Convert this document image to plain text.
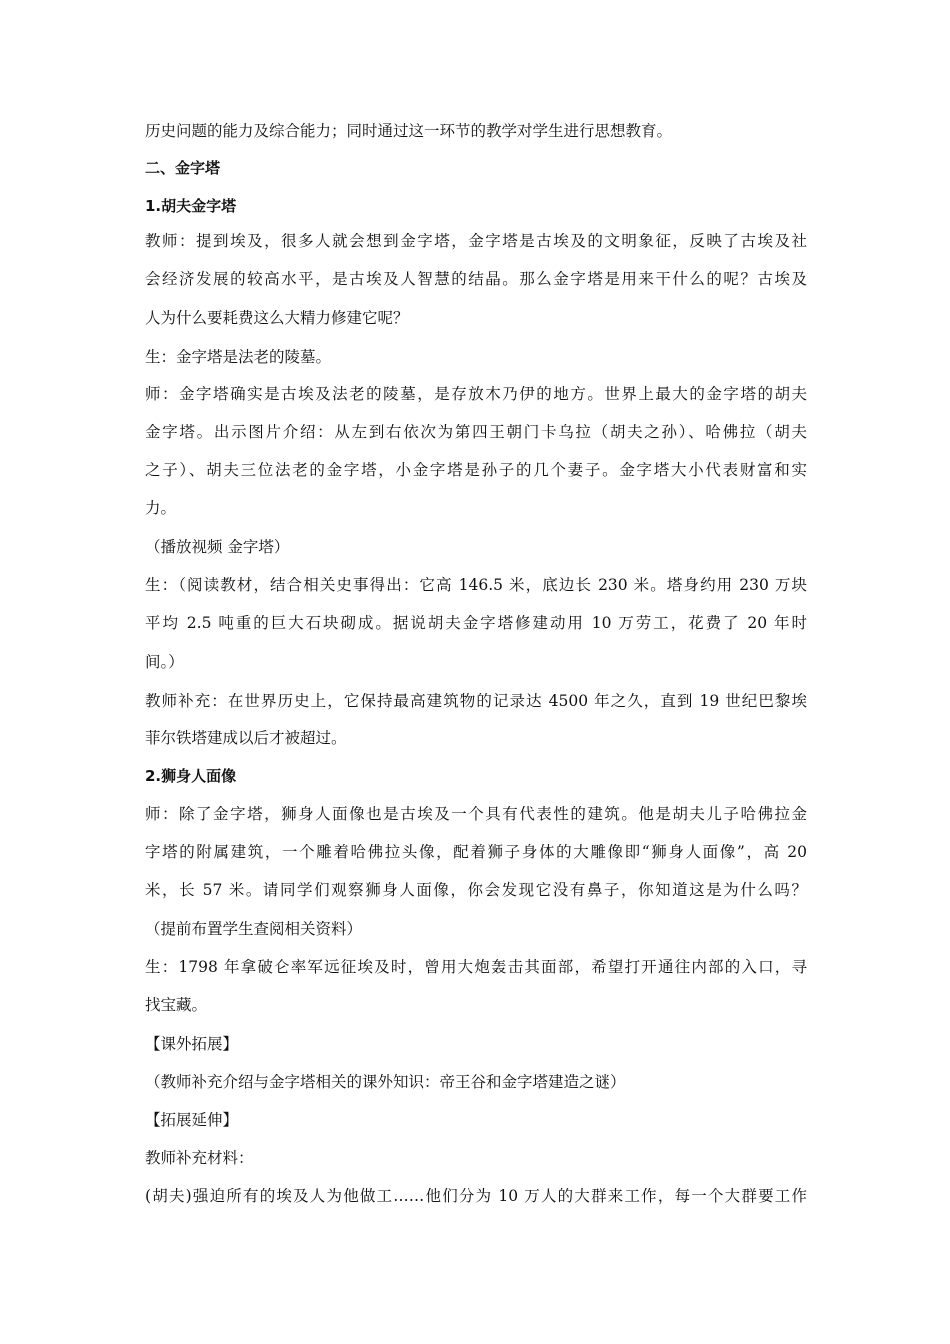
历史问题的能力及综合能力；同时通过这一环节的教学对学生进行思想教育。
二、金字塔
1.胡夫金字塔
教师：提到埃及，很多人就会想到金字塔，金字塔是古埃及的文明象征，反映了古埃及社
会经济发展的较高水平，是古埃及人智慧的结晶。那么金字塔是用来干什么的呢？古埃及
人为什么要耗费这么大精力修建它呢？
生：金字塔是法老的陵墓。
师：金字塔确实是古埃及法老的陵墓，是存放木乃伊的地方。世界上最大的金字塔的胡夫
金字塔。出示图片介绍：从左到右依次为第四王朝门卡乌拉（胡夫之孙）、哈佛拉（胡夫
之子）、胡夫三位法老的金字塔，小金字塔是孙子的几个妻子。金字塔大小代表财富和实
力。
（播放视频 金字塔）
生：（阅读教材，结合相关史事得出：它高 146.5 米，底边长 230 米。塔身约用 230 万块
平均 2.5 吨重的巨大石块砌成。据说胡夫金字塔修建动用 10 万劳工，花费了 20 年时
间。）
教师补充：在世界历史上，它保持最高建筑物的记录达 4500 年之久，直到 19 世纪巴黎埃
菲尔铁塔建成以后才被超过。
2.狮身人面像
师：除了金字塔，狮身人面像也是古埃及一个具有代表性的建筑。他是胡夫儿子哈佛拉金
字塔的附属建筑，一个雕着哈佛拉头像，配着狮子身体的大雕像即“狮身人面像”，高 20
米，长 57 米。请同学们观察狮身人面像，你会发现它没有鼻子，你知道这是为什么吗？
（提前布置学生查阅相关资料）
生：1798 年拿破仑率军远征埃及时，曾用大炮轰击其面部，希望打开通往内部的入口，寻
找宝藏。
【课外拓展】
（教师补充介绍与金字塔相关的课外知识：帝王谷和金字塔建造之谜）
【拓展延伸】
教师补充材料：
(胡夫)强迫所有的埃及人为他做工……他们分为 10 万人的大群来工作，每一个大群要工作
